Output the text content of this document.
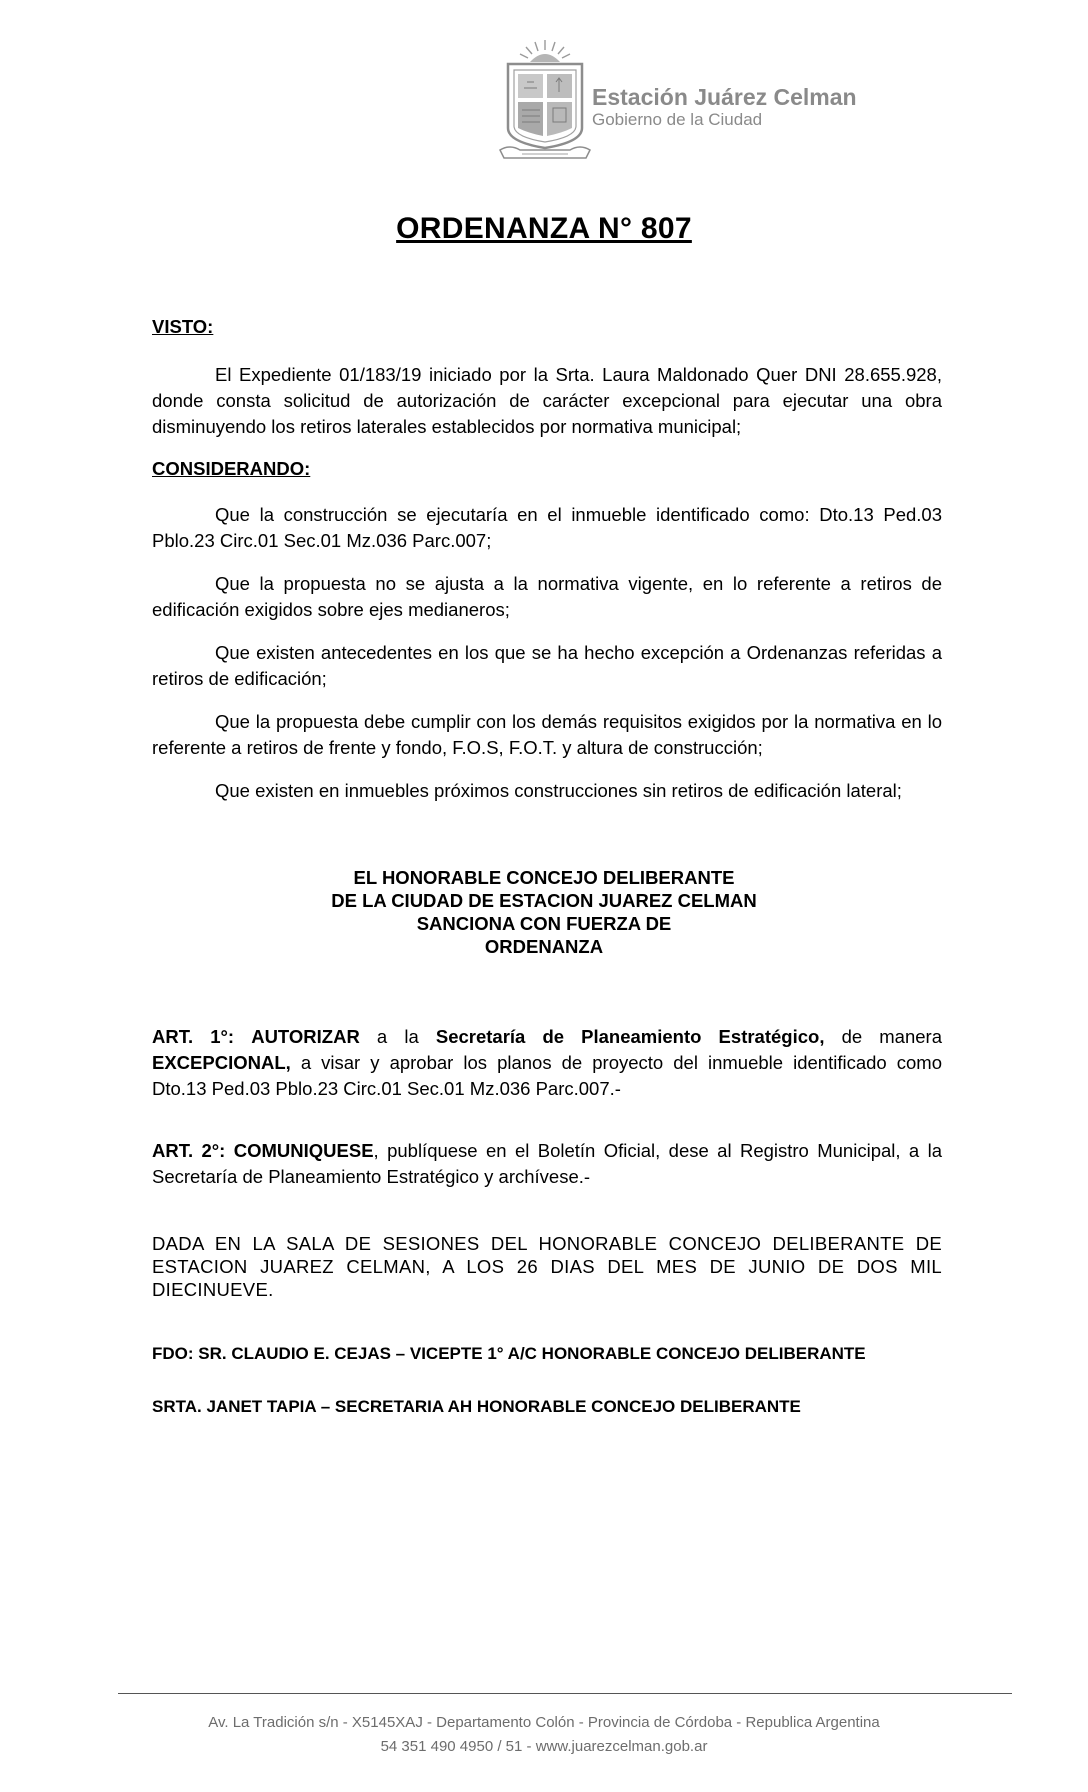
Estación Juárez Celman
Gobierno de la Ciudad
ORDENANZA N° 807
VISTO:
El Expediente 01/183/19 iniciado por la Srta. Laura Maldonado Quer DNI 28.655.928, donde consta solicitud de autorización de carácter excepcional para ejecutar una obra disminuyendo los retiros laterales establecidos por normativa municipal;
CONSIDERANDO:
Que la construcción se ejecutaría en el inmueble identificado como: Dto.13 Ped.03 Pblo.23 Circ.01 Sec.01 Mz.036 Parc.007;
Que la propuesta no se ajusta a la normativa vigente, en lo referente a retiros de edificación exigidos sobre ejes medianeros;
Que existen antecedentes en los que se ha hecho excepción a Ordenanzas referidas a retiros de edificación;
Que la propuesta debe cumplir con los demás requisitos exigidos por la normativa en lo referente a retiros de frente y fondo, F.O.S, F.O.T. y altura de construcción;
Que existen en inmuebles próximos construcciones sin retiros de edificación lateral;
EL HONORABLE CONCEJO DELIBERANTE
DE LA CIUDAD DE ESTACION JUAREZ CELMAN
SANCIONA CON FUERZA DE
ORDENANZA
ART. 1°: AUTORIZAR a la Secretaría de Planeamiento Estratégico, de manera EXCEPCIONAL, a visar y aprobar los planos de proyecto del inmueble identificado como Dto.13 Ped.03 Pblo.23 Circ.01 Sec.01 Mz.036 Parc.007.-
ART. 2°: COMUNIQUESE, publíquese en el Boletín Oficial, dese al Registro Municipal, a la Secretaría de Planeamiento Estratégico y archívese.-
DADA EN LA SALA DE SESIONES DEL HONORABLE CONCEJO DELIBERANTE DE ESTACION JUAREZ CELMAN, A LOS 26 DIAS DEL MES DE JUNIO DE DOS MIL DIECINUEVE.
FDO: SR. CLAUDIO E. CEJAS – VICEPTE 1° A/C HONORABLE CONCEJO DELIBERANTE
SRTA. JANET TAPIA – SECRETARIA AH HONORABLE CONCEJO DELIBERANTE
Av. La Tradición s/n - X5145XAJ - Departamento Colón - Provincia de Córdoba - Republica Argentina
54 351 490 4950 / 51 - www.juarezcelman.gob.ar
